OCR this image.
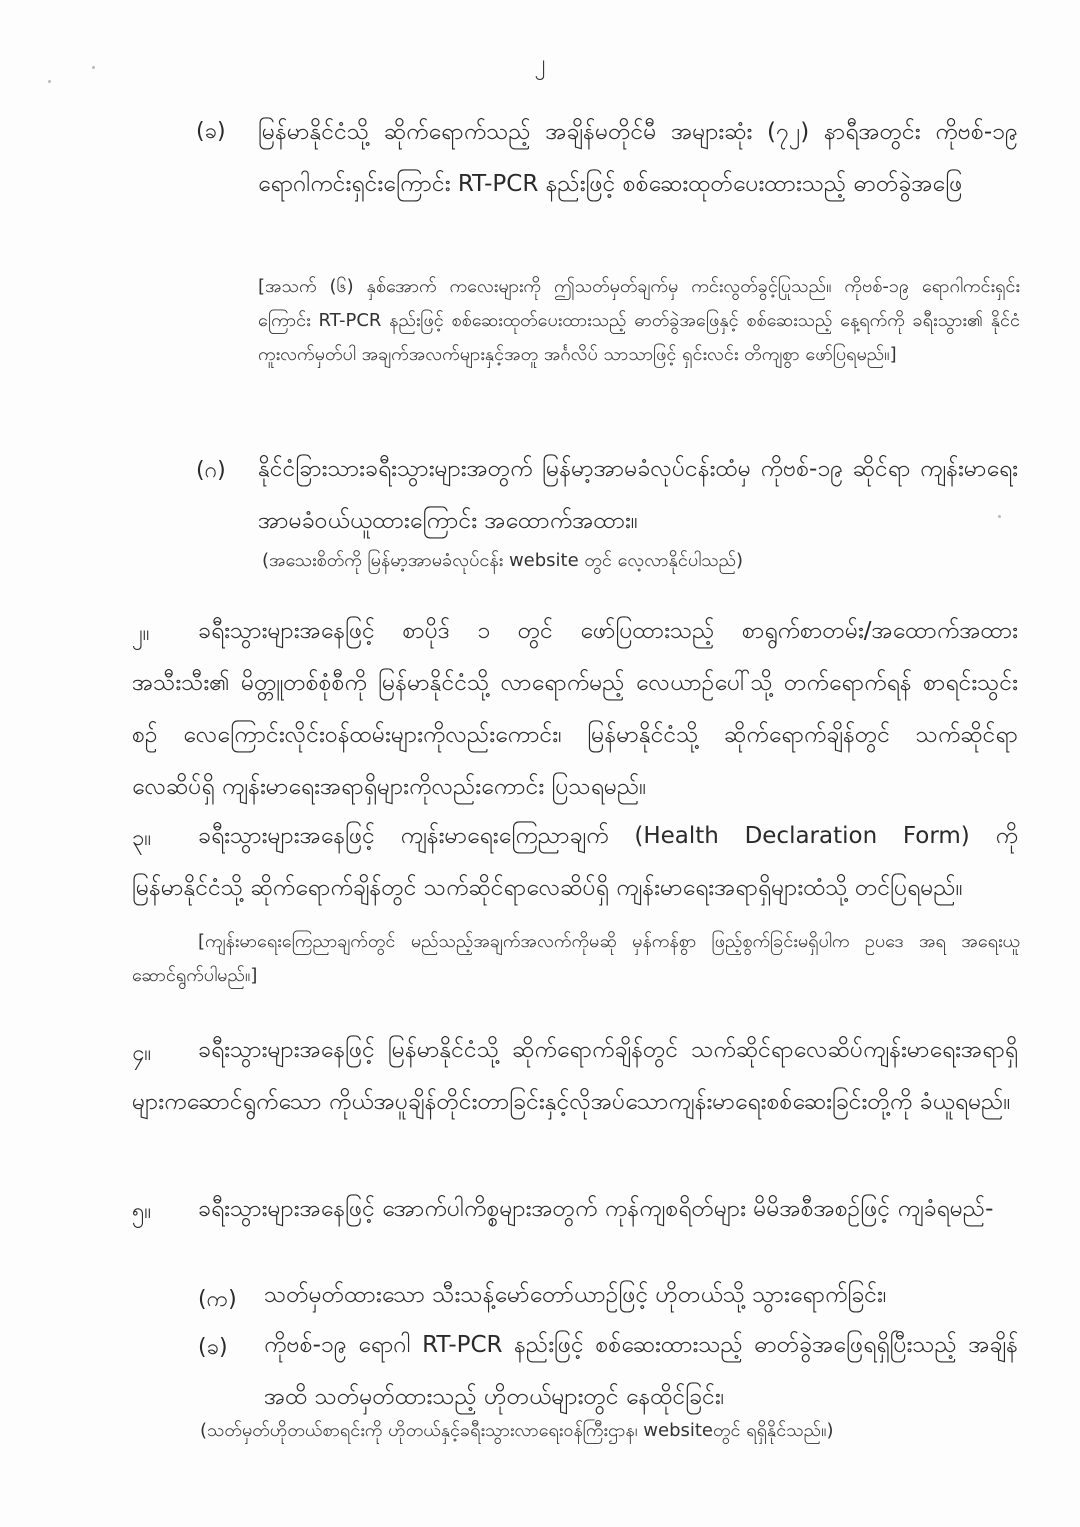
၂
(ခ) မြန်မာနိုင်ငံသို့ ဆိုက်ရောက်သည့် အချိန်မတိုင်မီ အများဆုံး (၇၂) နာရီအတွင်း ကိုဗစ်-၁၉ ရောဂါကင်းရှင်းကြောင်း RT-PCR နည်းဖြင့် စစ်ဆေးထုတ်ပေးထားသည့် ဓာတ်ခွဲအဖြေ

[အသက် (၆) နှစ်အောက် ကလေးများကို ဤသတ်မှတ်ချက်မှ ကင်းလွတ်ခွင့်ပြုသည်။ ကိုဗစ်-၁၉ ရောဂါကင်းရှင်းကြောင်း RT-PCR နည်းဖြင့် စစ်ဆေးထုတ်ပေးထားသည့် ဓာတ်ခွဲအဖြေနှင့် စစ်ဆေးသည့် နေ့ရက်ကို ခရီးသွား၏ နိုင်ငံကူးလက်မှတ်ပါ အချက်အလက်များနှင့်အတူ အင်္ဂလိပ် သာသာဖြင့် ရှင်းလင်း တိကျစွာ ဖော်ပြရမည်။]

(ဂ) နိုင်ငံခြားသားခရီးသွားများအတွက် မြန်မာ့အာမခံလုပ်ငန်းထံမှ ကိုဗစ်-၁၉ ဆိုင်ရာ ကျန်းမာရေး အာမခံဝယ်ယူထားကြောင်း အထောက်အထား။

(အသေးစိတ်ကို မြန်မာ့အာမခံလုပ်ငန်း website တွင် လေ့လာနိုင်ပါသည်)

၂။	ခရီးသွားများအနေဖြင့် စာပိုဒ် ၁ တွင် ဖော်ပြထားသည့် စာရွက်စာတမ်း/အထောက်အထား အသီးသီး၏ မိတ္တူတစ်စုံစီကို မြန်မာနိုင်ငံသို့ လာရောက်မည့် လေယာဉ်ပေါ်သို့ တက်ရောက်ရန် စာရင်းသွင်းစဉ် လေကြောင်းလိုင်းဝန်ထမ်းများကိုလည်းကောင်း၊ မြန်မာနိုင်ငံသို့ ဆိုက်ရောက်ချိန်တွင် သက်ဆိုင်ရာ လေဆိပ်ရှိ ကျန်းမာရေးအရာရှိများကိုလည်းကောင်း ပြသရမည်။

၃။	ခရီးသွားများအနေဖြင့် ကျန်းမာရေးကြေညာချက် (Health Declaration Form) ကို မြန်မာနိုင်ငံသို့ ဆိုက်ရောက်ချိန်တွင် သက်ဆိုင်ရာလေဆိပ်ရှိ ကျန်းမာရေးအရာရှိများထံသို့ တင်ပြရမည်။

[ကျန်းမာရေးကြေညာချက်တွင် မည်သည့်အချက်အလက်ကိုမဆို မှန်ကန်စွာ ဖြည့်စွက်ခြင်းမရှိပါက ဥပဒေ အရ အရေးယူဆောင်ရွက်ပါမည်။]

၄။	ခရီးသွားများအနေဖြင့် မြန်မာနိုင်ငံသို့ ဆိုက်ရောက်ချိန်တွင် သက်ဆိုင်ရာလေဆိပ်ကျန်းမာရေးအရာရှိများကဆောင်ရွက်သော ကိုယ်အပူချိန်တိုင်းတာခြင်းနှင့်လိုအပ်သောကျန်းမာရေးစစ်ဆေးခြင်းတို့ကို ခံယူရမည်။

၅။	ခရီးသွားများအနေဖြင့် အောက်ပါကိစ္စများအတွက် ကုန်ကျစရိတ်များ မိမိအစီအစဉ်ဖြင့် ကျခံရမည်-

(က) သတ်မှတ်ထားသော သီးသန့်မော်တော်ယာဉ်ဖြင့် ဟိုတယ်သို့ သွားရောက်ခြင်း၊

(ခ) ကိုဗစ်-၁၉ ရောဂါ RT-PCR နည်းဖြင့် စစ်ဆေးထားသည့် ဓာတ်ခွဲအဖြေရရှိပြီးသည့် အချိန်အထိ သတ်မှတ်ထားသည့် ဟိုတယ်များတွင် နေထိုင်ခြင်း၊

(သတ်မှတ်ဟိုတယ်စာရင်းကို ဟိုတယ်နှင့်ခရီးသွားလာရေးဝန်ကြီးဌာန၊ websiteတွင် ရရှိနိုင်သည်။)
